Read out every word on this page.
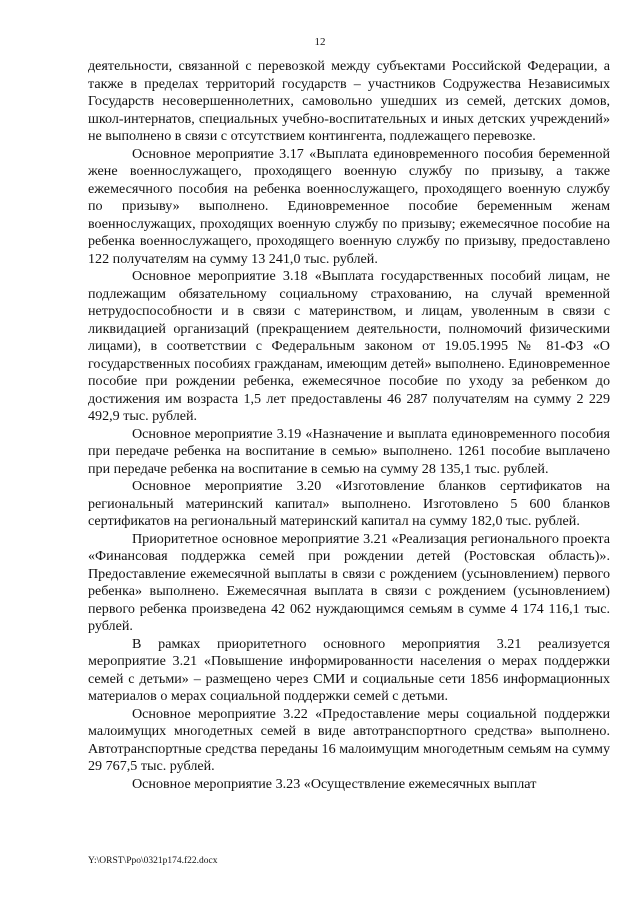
12

деятельности, связанной с перевозкой между субъектами Российской Федерации, а также в пределах территорий государств – участников Содружества Независимых Государств несовершеннолетних, самовольно ушедших из семей, детских домов, школ-интернатов, специальных учебно-воспитательных и иных детских учреждений» не выполнено в связи с отсутствием контингента, подлежащего перевозке.

Основное мероприятие 3.17 «Выплата единовременного пособия беременной жене военнослужащего, проходящего военную службу по призыву, а также ежемесячного пособия на ребенка военнослужащего, проходящего военную службу по призыву» выполнено. Единовременное пособие беременным женам военнослужащих, проходящих военную службу по призыву; ежемесячное пособие на ребенка военнослужащего, проходящего военную службу по призыву, предоставлено 122 получателям на сумму 13 241,0 тыс. рублей.

Основное мероприятие 3.18 «Выплата государственных пособий лицам, не подлежащим обязательному социальному страхованию, на случай временной нетрудоспособности и в связи с материнством, и лицам, уволенным в связи с ликвидацией организаций (прекращением деятельности, полномочий физическими лицами), в соответствии с Федеральным законом от 19.05.1995 № 81-ФЗ «О государственных пособиях гражданам, имеющим детей» выполнено. Единовременное пособие при рождении ребенка, ежемесячное пособие по уходу за ребенком до достижения им возраста 1,5 лет предоставлены 46 287 получателям на сумму 2 229 492,9 тыс. рублей.

Основное мероприятие 3.19 «Назначение и выплата единовременного пособия при передаче ребенка на воспитание в семью» выполнено. 1261 пособие выплачено при передаче ребенка на воспитание в семью на сумму 28 135,1 тыс. рублей.

Основное мероприятие 3.20 «Изготовление бланков сертификатов на региональный материнский капитал» выполнено. Изготовлено 5 600 бланков сертификатов на региональный материнский капитал на сумму 182,0 тыс. рублей.

Приоритетное основное мероприятие 3.21 «Реализация регионального проекта «Финансовая поддержка семей при рождении детей (Ростовская область)». Предоставление ежемесячной выплаты в связи с рождением (усыновлением) первого ребенка» выполнено. Ежемесячная выплата в связи с рождением (усыновлением) первого ребенка произведена 42 062 нуждающимся семьям в сумме 4 174 116,1 тыс. рублей.

В рамках приоритетного основного мероприятия 3.21 реализуется мероприятие 3.21 «Повышение информированности населения о мерах поддержки семей с детьми» – размещено через СМИ и социальные сети 1856 информационных материалов о мерах социальной поддержки семей с детьми.

Основное мероприятие 3.22 «Предоставление меры социальной поддержки малоимущих многодетных семей в виде автотранспортного средства» выполнено. Автотранспортные средства переданы 16 малоимущим многодетным семьям на сумму 29 767,5 тыс. рублей.

Основное мероприятие 3.23 «Осуществление ежемесячных выплат

Y:\ORST\Ppo\0321p174.f22.docx
